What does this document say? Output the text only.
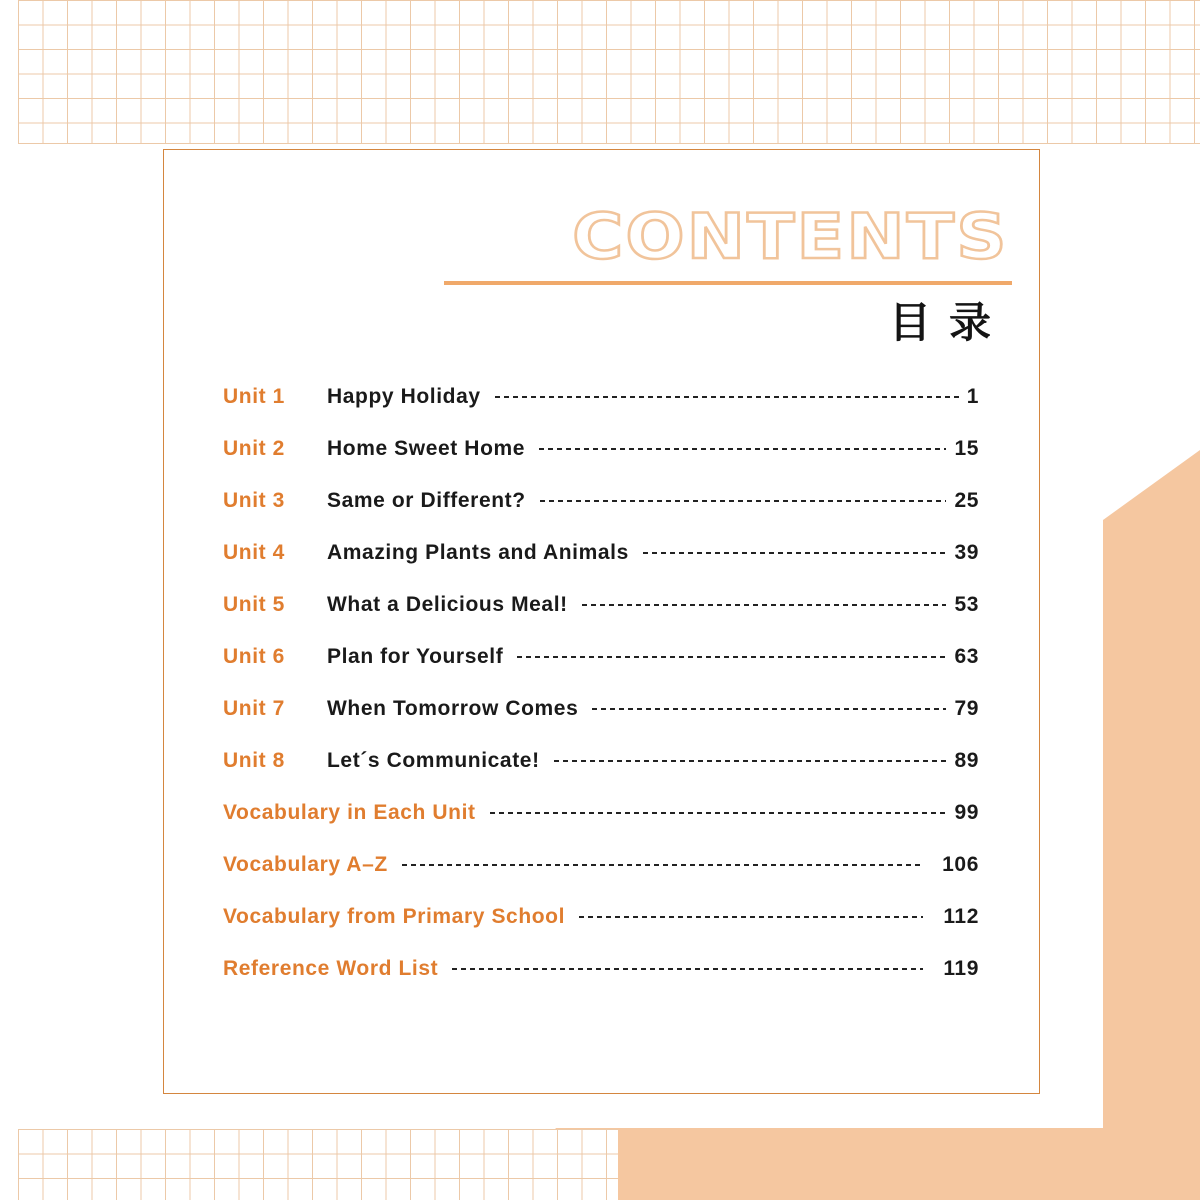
CONTENTS
目录
Unit 1	Happy Holiday	1
Unit 2	Home Sweet Home	15
Unit 3	Same or Different?	25
Unit 4	Amazing Plants and Animals	39
Unit 5	What a Delicious Meal!	53
Unit 6	Plan for Yourself	63
Unit 7	When Tomorrow Comes	79
Unit 8	Let´s Communicate!	89
Vocabulary in Each Unit	99
Vocabulary A–Z	106
Vocabulary from Primary School	112
Reference Word List	119
